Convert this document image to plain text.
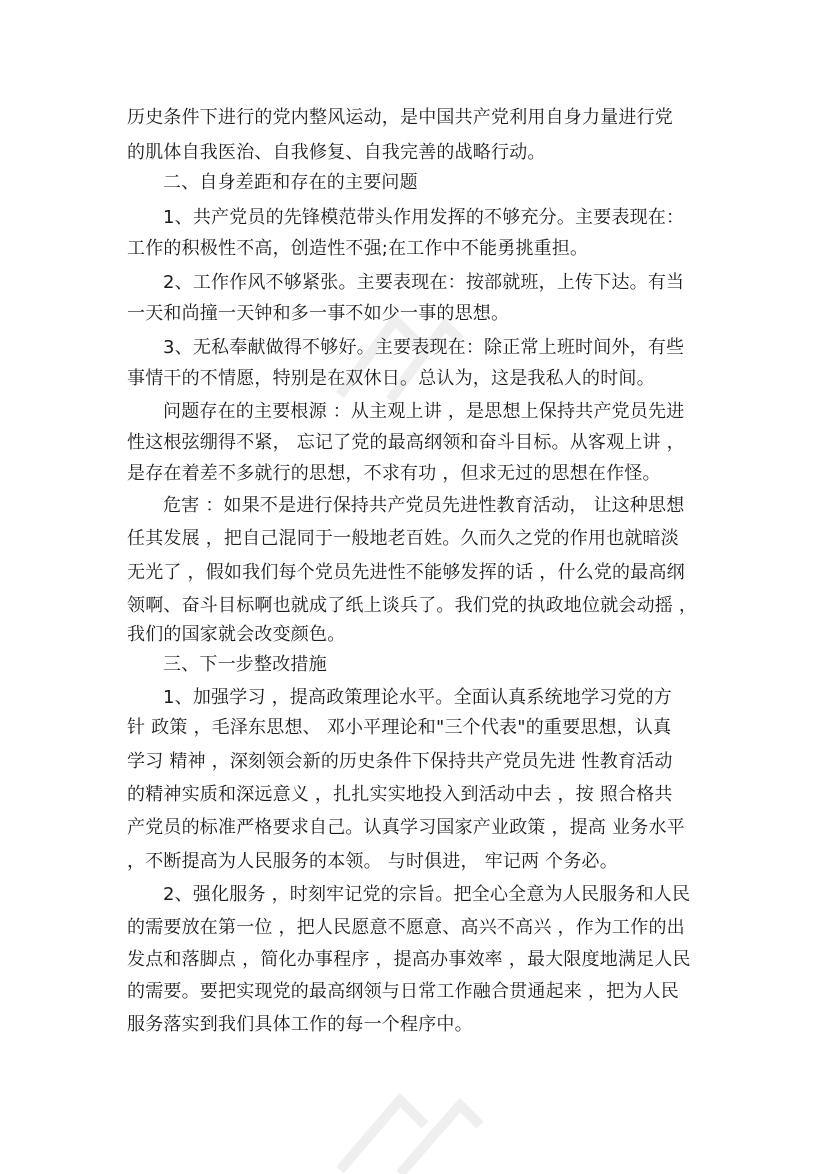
历史条件下进行的党内整风运动，是中国共产党利用自身力量进行党
的肌体自我医治、自我修复、自我完善的战略行动。
二、自身差距和存在的主要问题
1、共产党员的先锋模范带头作用发挥的不够充分。主要表现在：
工作的积极性不高，创造性不强;在工作中不能勇挑重担。
2、工作作风不够紧张。主要表现在：按部就班，上传下达。有当
一天和尚撞一天钟和多一事不如少一事的思想。
3、无私奉献做得不够好。主要表现在：除正常上班时间外，有些
事情干的不情愿，特别是在双休日。总认为，这是我私人的时间。
问题存在的主要根源 ：从主观上讲 ，是思想上保持共产党员先进
性这根弦绷得不紧， 忘记了党的最高纲领和奋斗目标。从客观上讲 ，
是存在着差不多就行的思想，不求有功 ，但求无过的思想在作怪。
危害 ：如果不是进行保持共产党员先进性教育活动， 让这种思想
任其发展 ，把自己混同于一般地老百姓。久而久之党的作用也就暗淡
无光了 ，假如我们每个党员先进性不能够发挥的话 ，什么党的最高纲
领啊、奋斗目标啊也就成了纸上谈兵了。我们党的执政地位就会动摇 ，
我们的国家就会改变颜色。
三、下一步整改措施
1、加强学习 ，提高政策理论水平。全面认真系统地学习党的方
针 政策 ，毛泽东思想、 邓小平理论和"三个代表"的重要思想，认真
学习 精神 ，深刻领会新的历史条件下保持共产党员先进 性教育活动
的精神实质和深远意义 ，扎扎实实地投入到活动中去 ，按 照合格共
产党员的标准严格要求自己。认真学习国家产业政策 ，提高 业务水平
，不断提高为人民服务的本领。 与时俱进， 牢记两 个务必。
2、强化服务 ，时刻牢记党的宗旨。把全心全意为人民服务和人民
的需要放在第一位 ，把人民愿意不愿意、高兴不高兴 ，作为工作的出
发点和落脚点 ，简化办事程序 ，提高办事效率 ，最大限度地满足人民
的需要。要把实现党的最高纲领与日常工作融合贯通起来 ，把为人民
服务落实到我们具体工作的每一个程序中。
